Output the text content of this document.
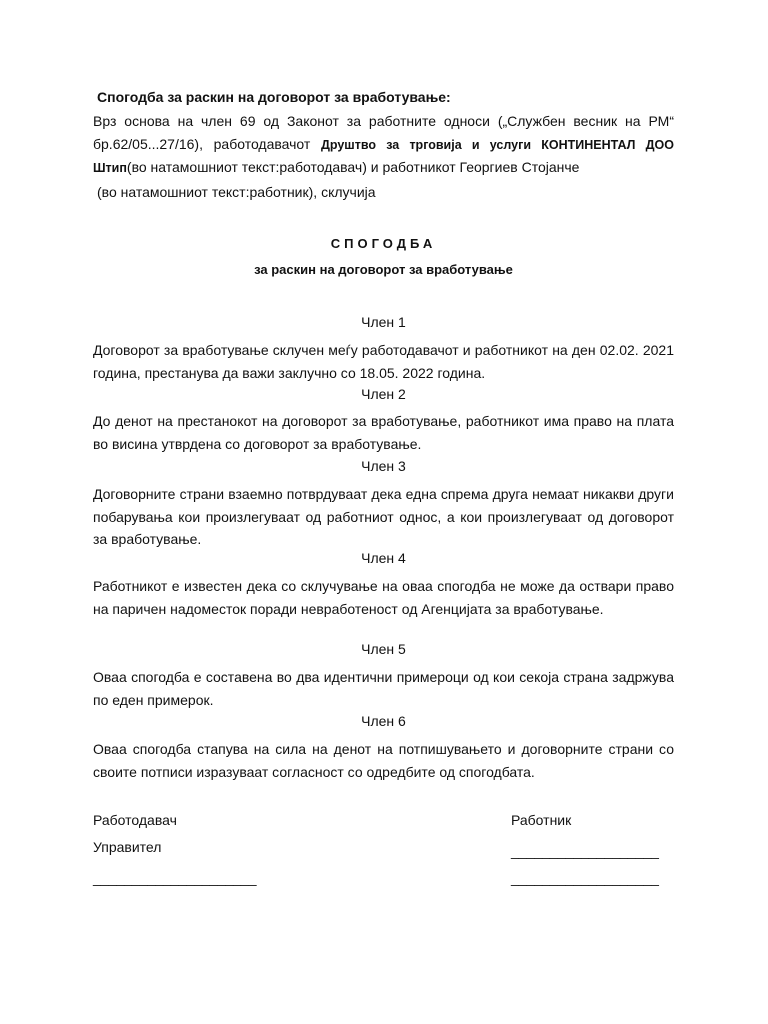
Спогодба за раскин на договорот за вработување:

Врз основа на член 69 од Законот за работните односи („Службен весник на РМ“ бр.62/05...27/16), работодавачот Друштво за трговија и услуги КОНТИНЕНТАЛ ДОО Штип(во натамошниот текст:работодавач) и работникот Георгиев Стојанче

(во натамошниот текст:работник), склучија

СПОГОДБА

за раскин на договорот за вработување

Член 1

Договорот за вработување склучен меѓу работодавачот и работникот на ден 02.02. 2021 година, престанува да важи заклучно со 18.05. 2022 година.

Член 2

До денот на престанокот на договорот за вработување, работникот има право на плата во висина утврдена со договорот за вработување.

Член 3

Договорните страни взаемно потврдуваат дека една спрема друга немаат никакви други побарувања кои произлегуваат од работниот однос, а кои произлегуваат од договорот за вработување.

Член 4

Работникот е известен дека со склучување на оваа спогодба не може да оствари право на паричен надоместок поради невработеност од Агенцијата за вработување.

Член 5

Оваа спогодба е составена во два идентични примероци од кои секоја страна задржува по еден примерок.

Член 6

Оваа спогодба стапува на сила на денот на потпишувањето и договорните страни со своите потписи изразуваат согласност со одредбите од спогодбата.

Работодавач

Управител

_____________________

Работник

___________________

___________________
